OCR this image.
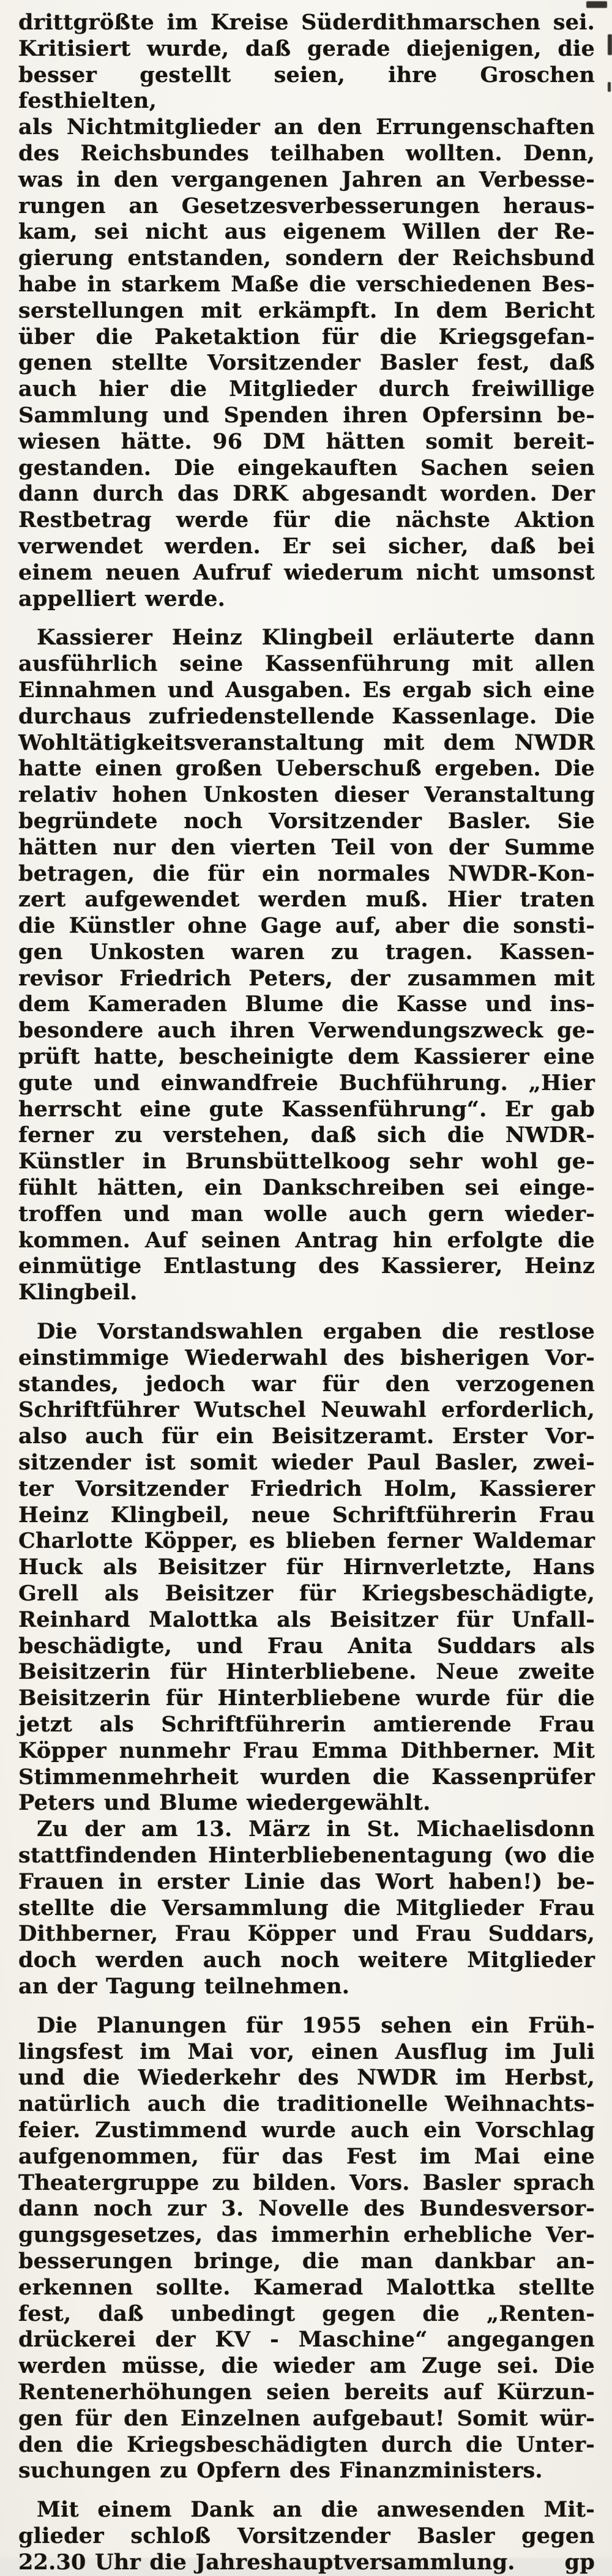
drittgrößte im Kreise Süderdithmarschen sei.
Kritisiert wurde, daß gerade diejenigen, die
besser gestellt seien, ihre Groschen festhielten,
als Nichtmitglieder an den Errungenschaften
des Reichsbundes teilhaben wollten. Denn,
was in den vergangenen Jahren an Verbesse-
rungen an Gesetzesverbesserungen heraus-
kam, sei nicht aus eigenem Willen der Re-
gierung entstanden, sondern der Reichsbund
habe in starkem Maße die verschiedenen Bes-
serstellungen mit erkämpft. In dem Bericht
über die Paketaktion für die Kriegsgefan-
genen stellte Vorsitzender Basler fest, daß
auch hier die Mitglieder durch freiwillige
Sammlung und Spenden ihren Opfersinn be-
wiesen hätte. 96 DM hätten somit bereit-
gestanden. Die eingekauften Sachen seien
dann durch das DRK abgesandt worden. Der
Restbetrag werde für die nächste Aktion
verwendet werden. Er sei sicher, daß bei
einem neuen Aufruf wiederum nicht umsonst
appelliert werde.
Kassierer Heinz Klingbeil erläuterte dann
ausführlich seine Kassenführung mit allen
Einnahmen und Ausgaben. Es ergab sich eine
durchaus zufriedenstellende Kassenlage. Die
Wohltätigkeitsveranstaltung mit dem NWDR
hatte einen großen Ueberschuß ergeben. Die
relativ hohen Unkosten dieser Veranstaltung
begründete noch Vorsitzender Basler. Sie
hätten nur den vierten Teil von der Summe
betragen, die für ein normales NWDR-Kon-
zert aufgewendet werden muß. Hier traten
die Künstler ohne Gage auf, aber die sonsti-
gen Unkosten waren zu tragen. Kassen-
revisor Friedrich Peters, der zusammen mit
dem Kameraden Blume die Kasse und ins-
besondere auch ihren Verwendungszweck ge-
prüft hatte, bescheinigte dem Kassierer eine
gute und einwandfreie Buchführung. „Hier
herrscht eine gute Kassenführung“. Er gab
ferner zu verstehen, daß sich die NWDR-
Künstler in Brunsbüttelkoog sehr wohl ge-
fühlt hätten, ein Dankschreiben sei einge-
troffen und man wolle auch gern wieder-
kommen. Auf seinen Antrag hin erfolgte die
einmütige Entlastung des Kassierer, Heinz
Klingbeil.
Die Vorstandswahlen ergaben die restlose
einstimmige Wiederwahl des bisherigen Vor-
standes, jedoch war für den verzogenen
Schriftführer Wutschel Neuwahl erforderlich,
also auch für ein Beisitzeramt. Erster Vor-
sitzender ist somit wieder Paul Basler, zwei-
ter Vorsitzender Friedrich Holm, Kassierer
Heinz Klingbeil, neue Schriftführerin Frau
Charlotte Köpper, es blieben ferner Waldemar
Huck als Beisitzer für Hirnverletzte, Hans
Grell als Beisitzer für Kriegsbeschädigte,
Reinhard Malottka als Beisitzer für Unfall-
beschädigte, und Frau Anita Suddars als
Beisitzerin für Hinterbliebene. Neue zweite
Beisitzerin für Hinterbliebene wurde für die
jetzt als Schriftführerin amtierende Frau
Köpper nunmehr Frau Emma Dithberner. Mit
Stimmenmehrheit wurden die Kassenprüfer
Peters und Blume wiedergewählt.
Zu der am 13. März in St. Michaelisdonn
stattfindenden Hinterbliebenentagung (wo die
Frauen in erster Linie das Wort haben!) be-
stellte die Versammlung die Mitglieder Frau
Dithberner, Frau Köpper und Frau Suddars,
doch werden auch noch weitere Mitglieder
an der Tagung teilnehmen.
Die Planungen für 1955 sehen ein Früh-
lingsfest im Mai vor, einen Ausflug im Juli
und die Wiederkehr des NWDR im Herbst,
natürlich auch die traditionelle Weihnachts-
feier. Zustimmend wurde auch ein Vorschlag
aufgenommen, für das Fest im Mai eine
Theatergruppe zu bilden. Vors. Basler sprach
dann noch zur 3. Novelle des Bundesversor-
gungsgesetzes, das immerhin erhebliche Ver-
besserungen bringe, die man dankbar an-
erkennen sollte. Kamerad Malottka stellte
fest, daß unbedingt gegen die „Renten-
drückerei der KV - Maschine“ angegangen
werden müsse, die wieder am Zuge sei. Die
Rentenerhöhungen seien bereits auf Kürzun-
gen für den Einzelnen aufgebaut! Somit wür-
den die Kriegsbeschädigten durch die Unter-
suchungen zu Opfern des Finanzministers.
Mit einem Dank an die anwesenden Mit-
glieder schloß Vorsitzender Basler gegen
22.30 Uhr die Jahreshauptversammlung. gp
